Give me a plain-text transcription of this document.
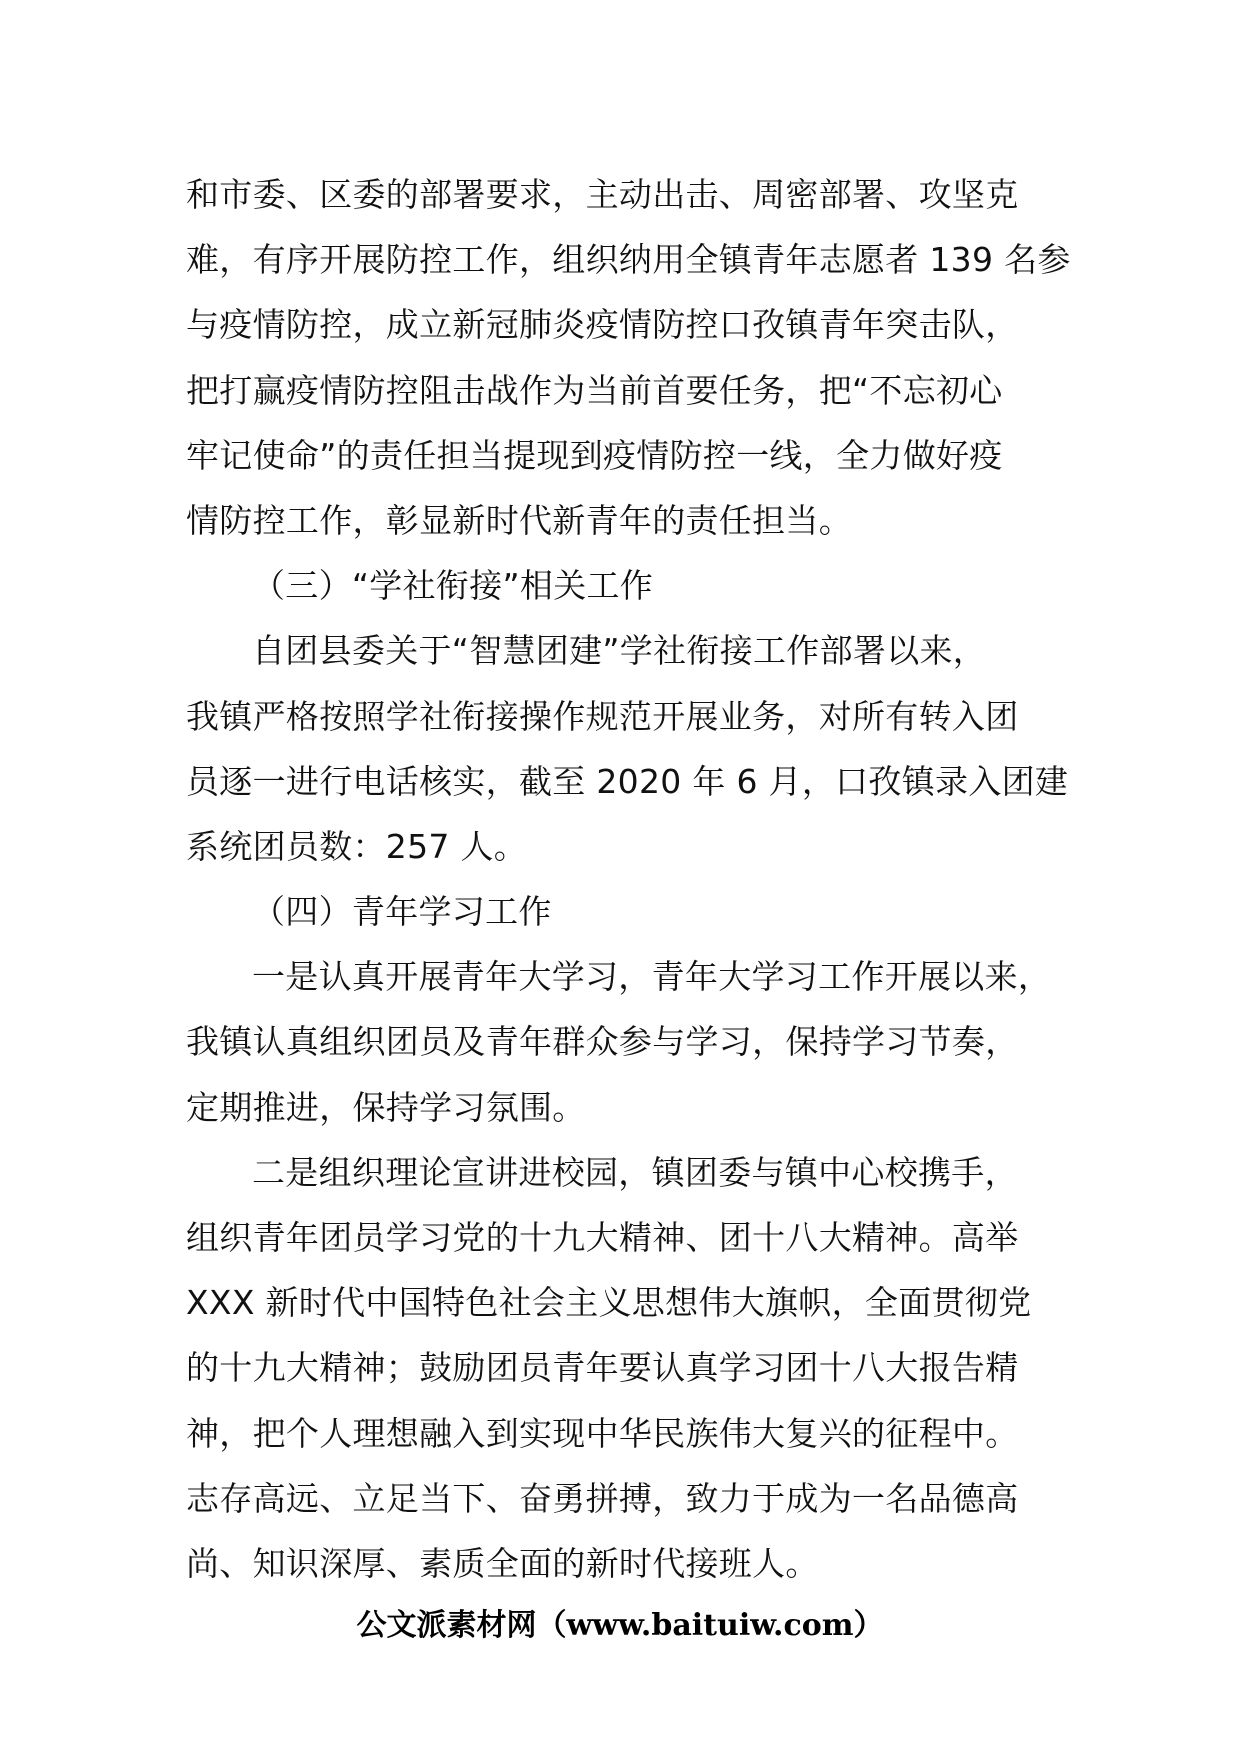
和市委、区委的部署要求，主动出击、周密部署、攻坚克
难，有序开展防控工作，组织纳用全镇青年志愿者 139 名参
与疫情防控，成立新冠肺炎疫情防控口孜镇青年突击队，
把打赢疫情防控阻击战作为当前首要任务，把“不忘初心
牢记使命”的责任担当提现到疫情防控一线，全力做好疫
情防控工作，彰显新时代新青年的责任担当。
（三）“学社衔接”相关工作
自团县委关于“智慧团建”学社衔接工作部署以来，
我镇严格按照学社衔接操作规范开展业务，对所有转入团
员逐一进行电话核实，截至 2020 年 6 月，口孜镇录入团建
系统团员数：257 人。
（四）青年学习工作
一是认真开展青年大学习，青年大学习工作开展以来，
我镇认真组织团员及青年群众参与学习，保持学习节奏，
定期推进，保持学习氛围。
二是组织理论宣讲进校园，镇团委与镇中心校携手，
组织青年团员学习党的十九大精神、团十八大精神。高举
XXX 新时代中国特色社会主义思想伟大旗帜，全面贯彻党
的十九大精神；鼓励团员青年要认真学习团十八大报告精
神，把个人理想融入到实现中华民族伟大复兴的征程中。
志存高远、立足当下、奋勇拼搏，致力于成为一名品德高
尚、知识深厚、素质全面的新时代接班人。
公文派素材网（www.baituiw.com）
